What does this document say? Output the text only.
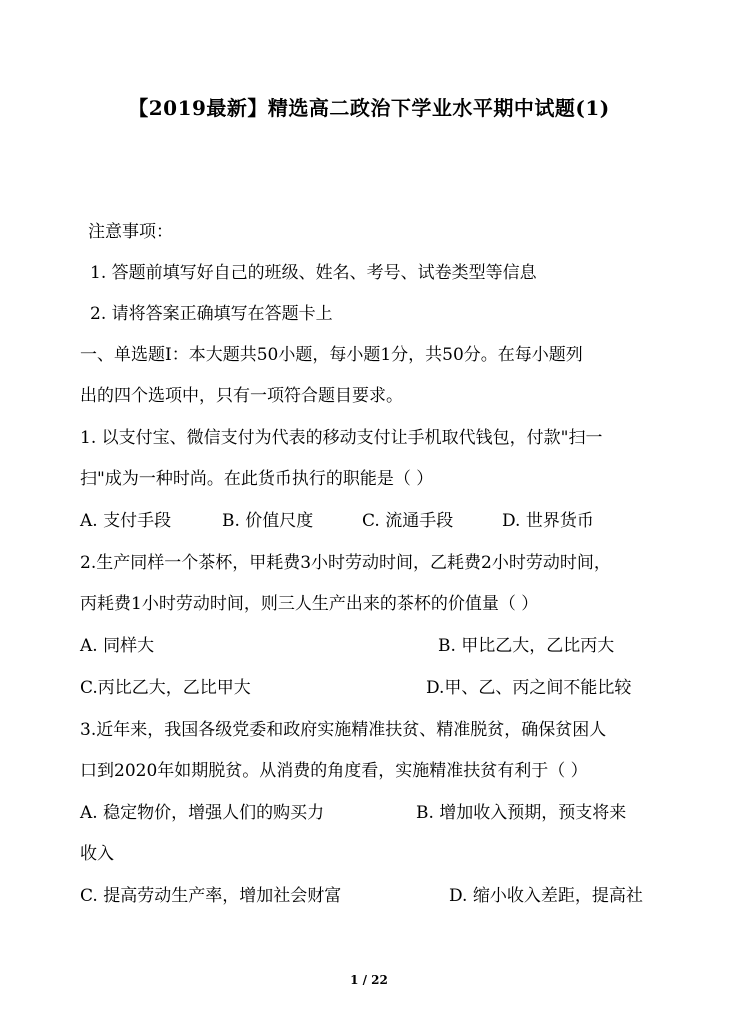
【2019最新】精选高二政治下学业水平期中试题(1)
注意事项：
1. 答题前填写好自己的班级、姓名、考号、试卷类型等信息
2. 请将答案正确填写在答题卡上
一、单选题I：本大题共50小题，每小题1分，共50分。在每小题列
出的四个选项中，只有一项符合题目要求。
1. 以支付宝、微信支付为代表的移动支付让手机取代钱包，付款"扫一
扫"成为一种时尚。在此货币执行的职能是（ ）
A. 支付手段	B. 价值尺度	C. 流通手段	D. 世界货币
2.生产同样一个茶杯，甲耗费3小时劳动时间，乙耗费2小时劳动时间，
丙耗费1小时劳动时间，则三人生产出来的茶杯的价值量（ ）
A. 同样大	B. 甲比乙大，乙比丙大
C.丙比乙大，乙比甲大	D.甲、乙、丙之间不能比较
3.近年来，我国各级党委和政府实施精准扶贫、精准脱贫，确保贫困人
口到2020年如期脱贫。从消费的角度看，实施精准扶贫有利于（ ）
A. 稳定物价，增强人们的购买力	B. 增加收入预期，预支将来
收入
C. 提高劳动生产率，增加社会财富	D. 缩小收入差距，提高社
1 / 22
